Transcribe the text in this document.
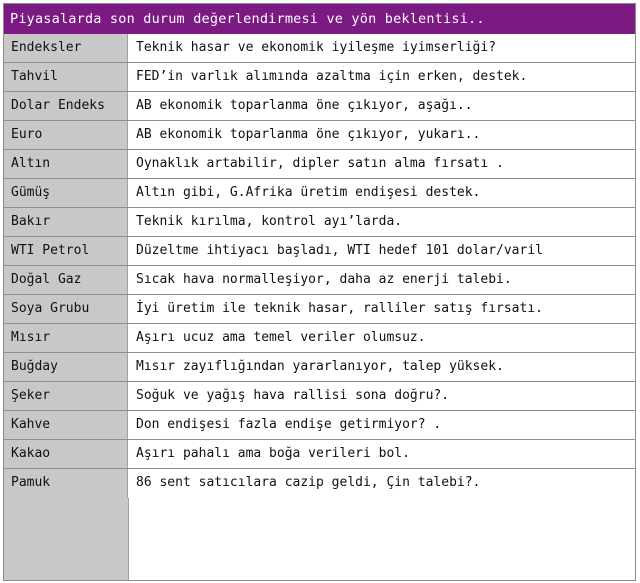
Piyasalarda son durum değerlendirmesi ve yön beklentisi..
Endeksler	Teknik hasar ve ekonomik iyileşme iyimserliği?
Tahvil	FED’in varlık alımında azaltma için erken, destek.
Dolar Endeks	AB ekonomik toparlanma öne çıkıyor, aşağı..
Euro	AB ekonomik toparlanma öne çıkıyor, yukarı..
Altın	Oynaklık artabilir, dipler satın alma fırsatı .
Gümüş	Altın gibi, G.Afrika üretim endişesi destek.
Bakır	Teknik kırılma, kontrol ayı’larda.
WTI Petrol	Düzeltme ihtiyacı başladı, WTI hedef 101 dolar/varil
Doğal Gaz	Sıcak hava normalleşiyor, daha az enerji talebi.
Soya Grubu	İyi üretim ile teknik hasar, ralliler satış fırsatı.
Mısır	Aşırı ucuz ama temel veriler olumsuz.
Buğday	Mısır zayıflığından yararlanıyor, talep yüksek.
Şeker	Soğuk ve yağış hava rallisi sona doğru?.
Kahve	Don endişesi fazla endişe getirmiyor? .
Kakao	Aşırı pahalı ama boğa verileri bol.
Pamuk	86 sent satıcılara cazip geldi, Çin talebi?.
